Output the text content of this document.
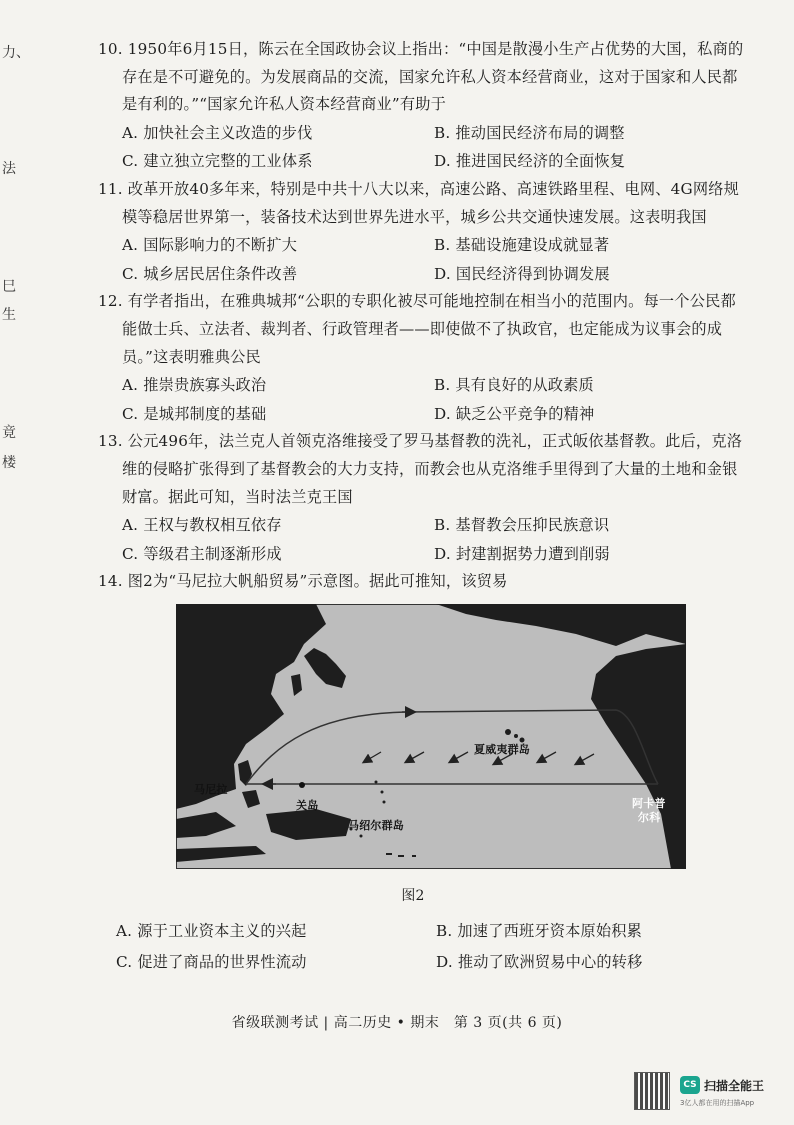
力、
法
巳
生
竟
楼
10. 1950年6月15日，陈云在全国政协会议上指出：“中国是散漫小生产占优势的大国，私商的存在是不可避免的。为发展商品的交流，国家允许私人资本经营商业，这对于国家和人民都是有利的。”“国家允许私人资本经营商业”有助于
A. 加快社会主义改造的步伐	B. 推动国民经济布局的调整
C. 建立独立完整的工业体系	D. 推进国民经济的全面恢复
11. 改革开放40多年来，特别是中共十八大以来，高速公路、高速铁路里程、电网、4G网络规模等稳居世界第一，装备技术达到世界先进水平，城乡公共交通快速发展。这表明我国
A. 国际影响力的不断扩大	B. 基础设施建设成就显著
C. 城乡居民居住条件改善	D. 国民经济得到协调发展
12. 有学者指出，在雅典城邦“公职的专职化被尽可能地控制在相当小的范围内。每一个公民都能做士兵、立法者、裁判者、行政管理者——即使做不了执政官，也定能成为议事会的成员。”这表明雅典公民
A. 推崇贵族寡头政治	B. 具有良好的从政素质
C. 是城邦制度的基础	D. 缺乏公平竞争的精神
13. 公元496年，法兰克人首领克洛维接受了罗马基督教的洗礼，正式皈依基督教。此后，克洛维的侵略扩张得到了基督教会的大力支持，而教会也从克洛维手里得到了大量的土地和金银财富。据此可知，当时法兰克王国
A. 王权与教权相互依存	B. 基督教会压抑民族意识
C. 等级君主制逐渐形成	D. 封建割据势力遭到削弱
14. 图2为“马尼拉大帆船贸易”示意图。据此可推知，该贸易
马尼拉
关岛
夏威夷群岛
马绍尔群岛
阿卡普
尔科
图2
A. 源于工业资本主义的兴起	B. 加速了西班牙资本原始积累
C. 促进了商品的世界性流动	D. 推动了欧洲贸易中心的转移
省级联测考试 | 高二历史 • 期末　第 3 页(共 6 页)
CS 扫描全能王
3亿人都在用的扫描App
